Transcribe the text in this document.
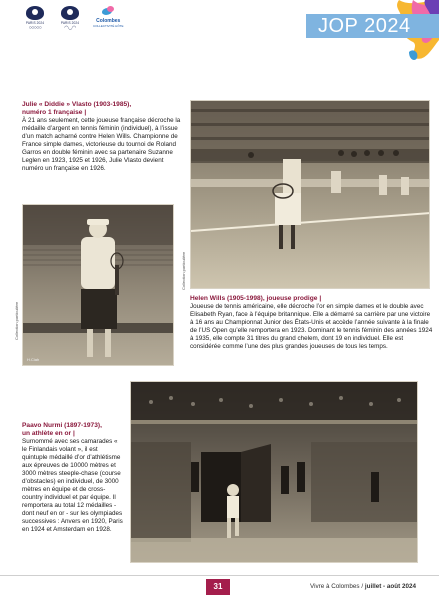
PARIS 2024
○○○○○
PARIS 2024
◠◡◠
Colombes
COLLECTIVITÉ HÔTE	JOP 2024
Collection particulière
Julie « Diddie » Vlasto (1903-1985),
numéro 1 française |
À 21 ans seulement, cette joueuse française décroche la médaille d’argent en tennis féminin (individuel), à l’issue d’un match acharné contre Helen Wills. Championne de France simple dames, victorieuse du tournoi de Roland Garros en double féminin avec sa partenaire Suzanne Leglen en 1923, 1925 et 1926, Julie Vlasto devient numéro un française en 1926.
H.Ciah
Collection particulière
Helen Wills (1905-1998), joueuse prodige |
Joueuse de tennis américaine, elle décroche l’or en simple dames et le double avec Elisabeth Ryan, face à l’équipe britannique. Elle a démarré sa carrière par une victoire à 16 ans au Championnat Junior des États-Unis et accède l’année suivante à la finale de l’US Open qu’elle remportera en 1923. Dominant le tennis féminin des années 1924 à 1935, elle compte 31 titres du grand chelem, dont 19 en individuel. Elle est considérée comme l’une des plus grandes joueuses de tous les temps.
Paavo Nurmi (1897-1973),
un athlète en or |
Surnommé avec ses camarades « le Finlandais volant », il est quintuple médaillé d’or d’athlétisme aux épreuves de 10000 mètres et 3000 mètres steeple-chase (course d’obstacles) en individuel, de 3000 mètres en équipe et de cross-country individuel et par équipe. Il remportera au total 12 médailles - dont neuf en or - sur les olympiades successives : Anvers en 1920, Paris en 1924 et Amsterdam en 1928.
31	Vivre à Colombes / juillet - août 2024
